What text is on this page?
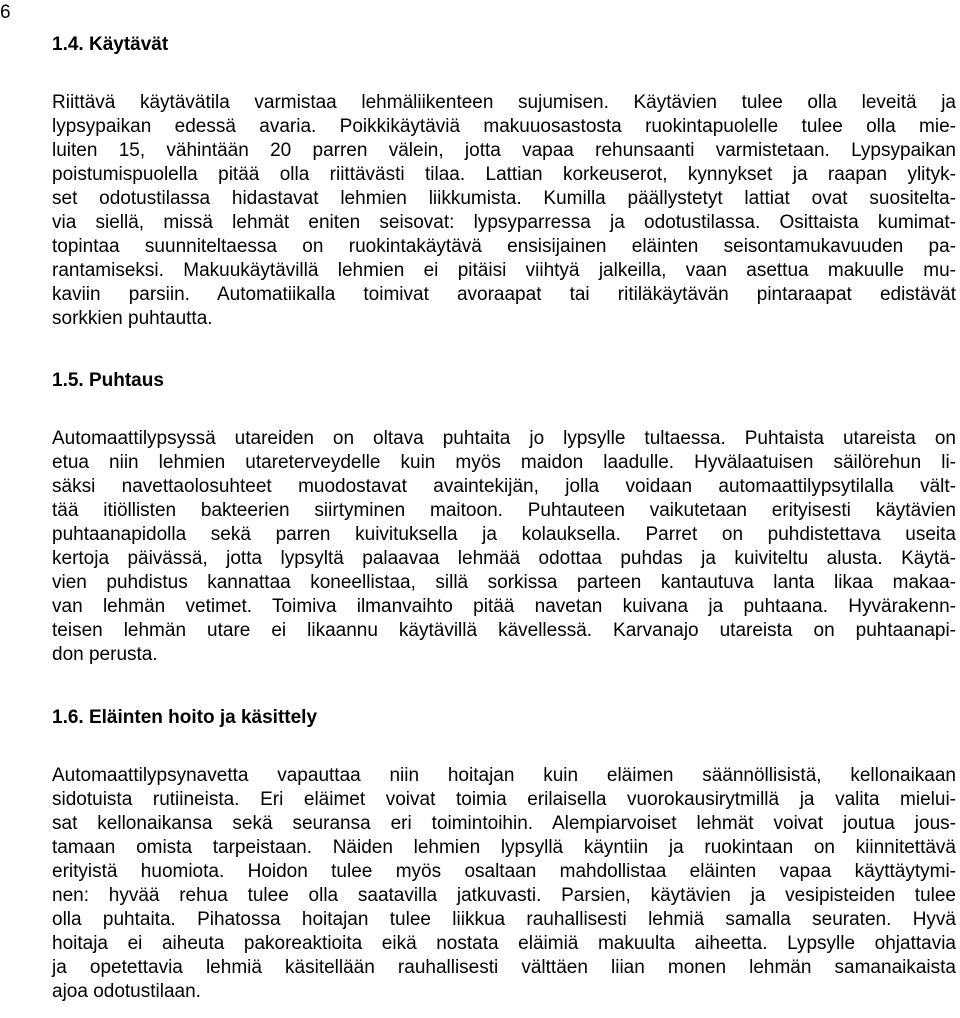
6
1.4. Käytävät
Riittävä käytävätila varmistaa lehmäliikenteen sujumisen. Käytävien tulee olla leveitä ja
lypsypaikan edessä avaria. Poikkikäytäviä makuuosastosta ruokintapuolelle tulee olla mie-
luiten 15, vähintään 20 parren välein, jotta vapaa rehunsaanti varmistetaan. Lypsypaikan
poistumispuolella pitää olla riittävästi tilaa. Lattian korkeuserot, kynnykset ja raapan ylityk-
set odotustilassa hidastavat lehmien liikkumista. Kumilla päällystetyt lattiat ovat suositelta-
via siellä, missä lehmät eniten seisovat: lypsyparressa ja odotustilassa. Osittaista kumimat-
topintaa suunniteltaessa on ruokintakäytävä ensisijainen eläinten seisontamukavuuden pa-
rantamiseksi. Makuukäytävillä lehmien ei pitäisi viihtyä jalkeilla, vaan asettua makuulle mu-
kaviin parsiin. Automatiikalla toimivat avoraapat tai ritiläkäytävän pintaraapat edistävät
sorkkien puhtautta.
1.5. Puhtaus
Automaattilypsyssä utareiden on oltava puhtaita jo lypsylle tultaessa. Puhtaista utareista on
etua niin lehmien utareterveydelle kuin myös maidon laadulle. Hyvälaatuisen säilörehun li-
säksi navettaolosuhteet muodostavat avaintekijän, jolla voidaan automaattilypsytilalla vält-
tää itiöllisten bakteerien siirtyminen maitoon. Puhtauteen vaikutetaan erityisesti käytävien
puhtaanapidolla sekä parren kuivituksella ja kolauksella. Parret on puhdistettava useita
kertoja päivässä, jotta lypsyltä palaavaa lehmää odottaa puhdas ja kuiviteltu alusta. Käytä-
vien puhdistus kannattaa koneellistaa, sillä sorkissa parteen kantautuva lanta likaa makaa-
van lehmän vetimet. Toimiva ilmanvaihto pitää navetan kuivana ja puhtaana. Hyvärakenn-
teisen lehmän utare ei likaannu käytävillä kävellessä. Karvanajo utareista on puhtaanapi-
don perusta.
1.6. Eläinten hoito ja käsittely
Automaattilypsynavetta vapauttaa niin hoitajan kuin eläimen säännöllisistä, kellonaikaan
sidotuista rutiineista. Eri eläimet voivat toimia erilaisella vuorokausirytmillä ja valita mielui-
sat kellonaikansa sekä seuransa eri toimintoihin. Alempiarvoiset lehmät voivat joutua jous-
tamaan omista tarpeistaan. Näiden lehmien lypsyllä käyntiin ja ruokintaan on kiinnitettävä
erityistä huomiota. Hoidon tulee myös osaltaan mahdollistaa eläinten vapaa käyttäytymi-
nen: hyvää rehua tulee olla saatavilla jatkuvasti. Parsien, käytävien ja vesipisteiden tulee
olla puhtaita. Pihatossa hoitajan tulee liikkua rauhallisesti lehmiä samalla seuraten. Hyvä
hoitaja ei aiheuta pakoreaktioita eikä nostata eläimiä makuulta aiheetta. Lypsylle ohjattavia
ja opetettavia lehmiä käsitellään rauhallisesti välttäen liian monen lehmän samanaikaista
ajoa odotustilaan.
